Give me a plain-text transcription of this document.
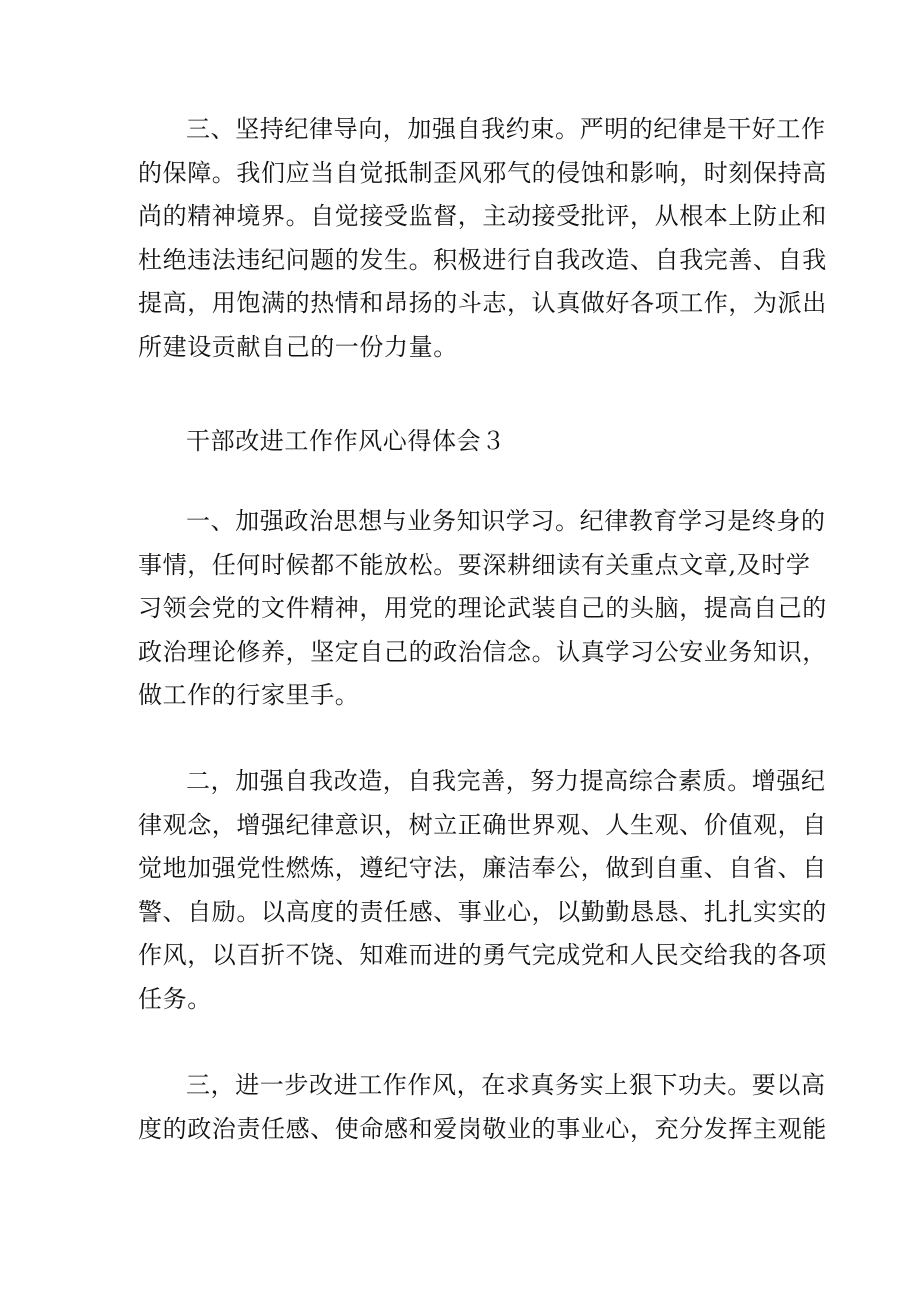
三、坚持纪律导向，加强自我约束。严明的纪律是干好工作
的保障。我们应当自觉抵制歪风邪气的侵蚀和影响，时刻保持高
尚的精神境界。自觉接受监督，主动接受批评，从根本上防止和
杜绝违法违纪问题的发生。积极进行自我改造、自我完善、自我
提高，用饱满的热情和昂扬的斗志，认真做好各项工作，为派出
所建设贡献自己的一份力量。
干部改进工作作风心得体会３
一、加强政治思想与业务知识学习。纪律教育学习是终身的
事情，任何时候都不能放松。要深耕细读有关重点文章,及时学
习领会党的文件精神，用党的理论武装自己的头脑，提高自己的
政治理论修养，坚定自己的政治信念。认真学习公安业务知识，
做工作的行家里手。
二，加强自我改造，自我完善，努力提高综合素质。增强纪
律观念，增强纪律意识，树立正确世界观、人生观、价值观，自
觉地加强党性燃炼，遵纪守法，廉洁奉公，做到自重、自省、自
警、自励。以高度的责任感、事业心，以勤勤恳恳、扎扎实实的
作风，以百折不饶、知难而进的勇气完成党和人民交给我的各项
任务。
三，进一步改进工作作风，在求真务实上狠下功夫。要以高
度的政治责任感、使命感和爱岗敬业的事业心，充分发挥主观能
